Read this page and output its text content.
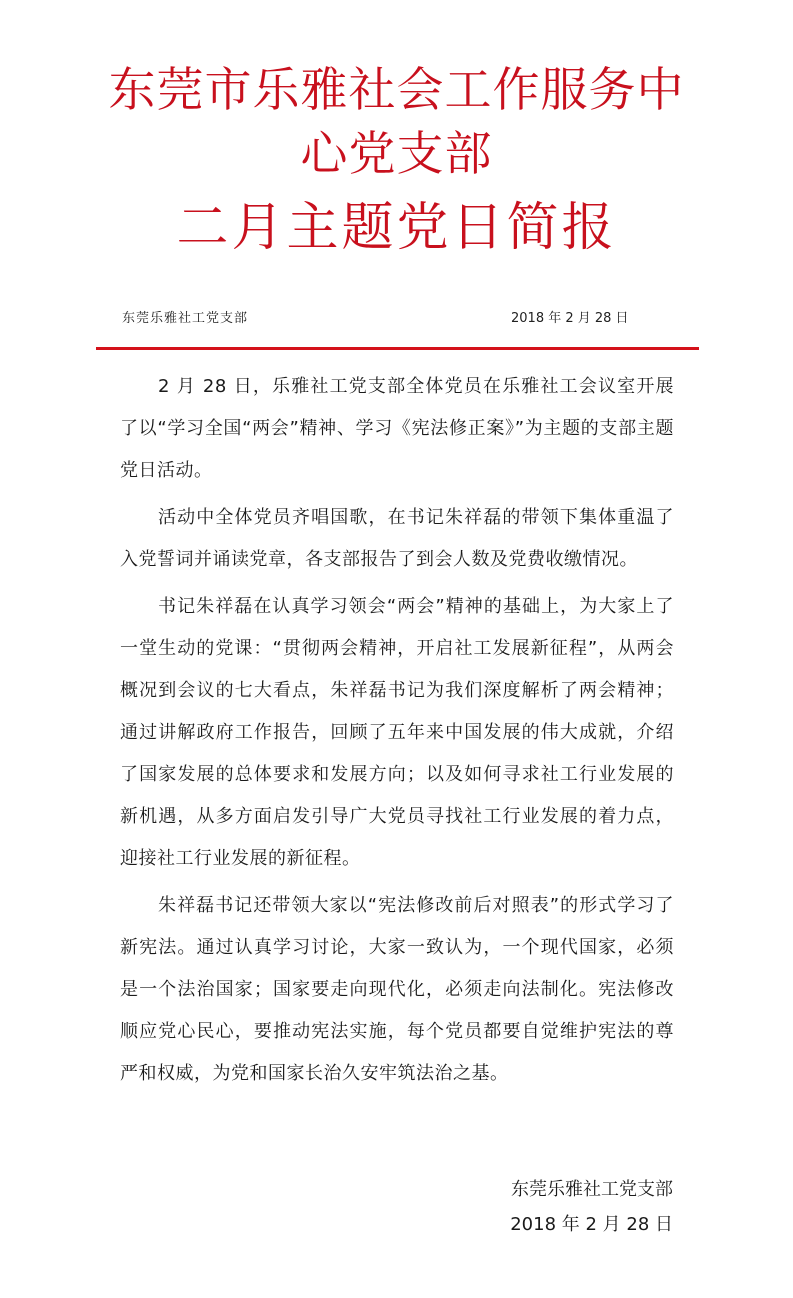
东莞市乐雅社会工作服务中
心党支部
二月主题党日简报
东莞乐雅社工党支部	2018 年 2 月 28 日

2 月 28 日，乐雅社工党支部全体党员在乐雅社工会议室开展了以“学习全国“两会”精神、学习《宪法修正案》”为主题的支部主题党日活动。

活动中全体党员齐唱国歌，在书记朱祥磊的带领下集体重温了入党誓词并诵读党章，各支部报告了到会人数及党费收缴情况。

书记朱祥磊在认真学习领会“两会”精神的基础上，为大家上了一堂生动的党课：“贯彻两会精神，开启社工发展新征程”，从两会概况到会议的七大看点，朱祥磊书记为我们深度解析了两会精神；通过讲解政府工作报告，回顾了五年来中国发展的伟大成就，介绍了国家发展的总体要求和发展方向；以及如何寻求社工行业发展的新机遇，从多方面启发引导广大党员寻找社工行业发展的着力点，迎接社工行业发展的新征程。

朱祥磊书记还带领大家以“宪法修改前后对照表”的形式学习了新宪法。通过认真学习讨论，大家一致认为，一个现代国家，必须是一个法治国家；国家要走向现代化，必须走向法制化。宪法修改顺应党心民心，要推动宪法实施，每个党员都要自觉维护宪法的尊严和权威，为党和国家长治久安牢筑法治之基。

东莞乐雅社工党支部
2018 年 2 月 28 日
